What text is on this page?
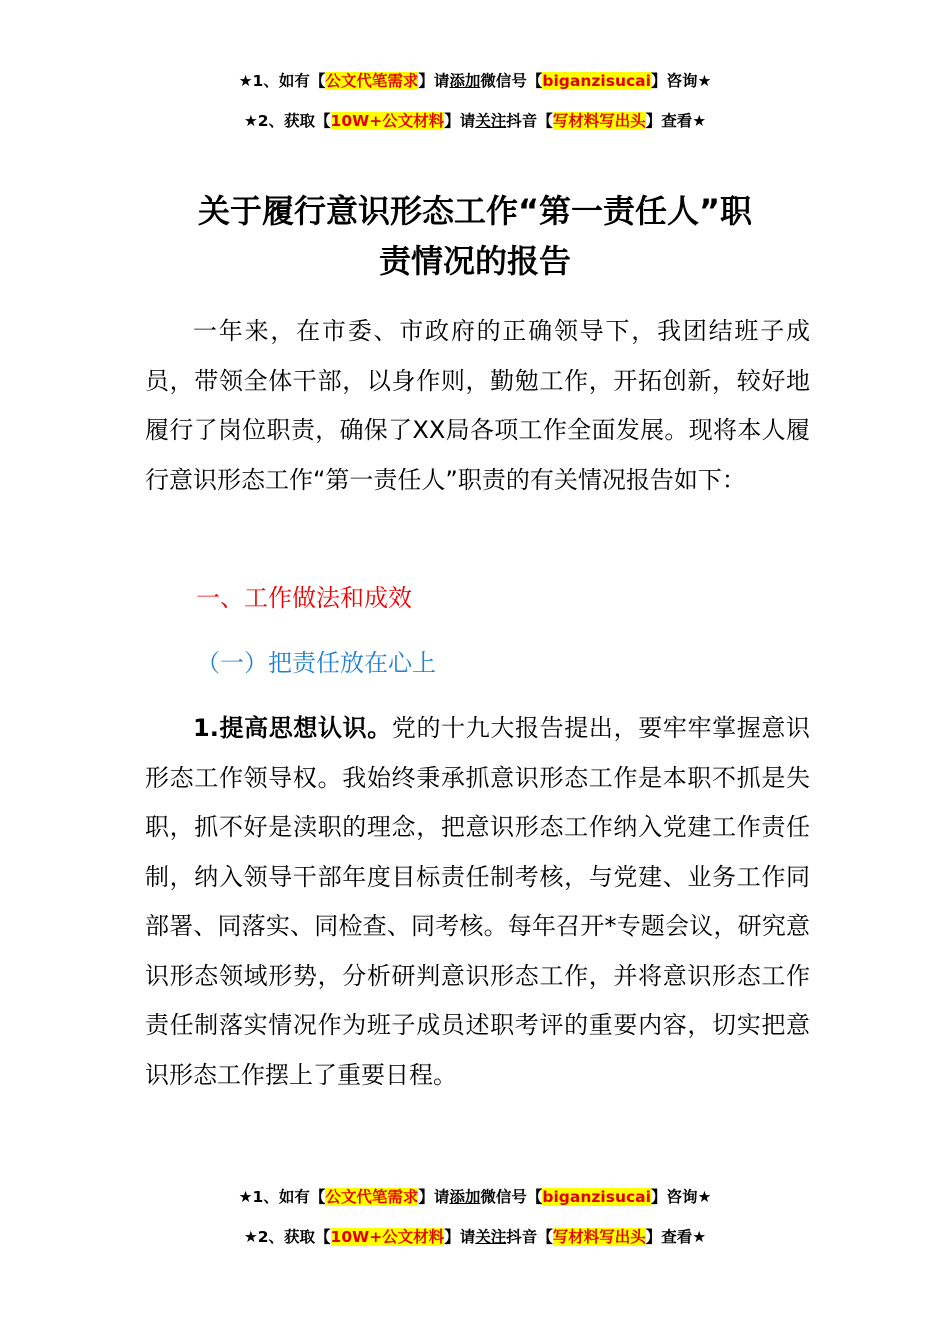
★1、如有【公文代笔需求】请添加微信号【biganzisucai】咨询★
★2、获取【10W+公文材料】请关注抖音【写材料写出头】查看★
关于履行意识形态工作“第一责任人”职
责情况的报告

一年来，在市委、市政府的正确领导下，我团结班子成员，带领全体干部，以身作则，勤勉工作，开拓创新，较好地履行了岗位职责，确保了XX局各项工作全面发展。现将本人履行意识形态工作“第一责任人”职责的有关情况报告如下：

一、工作做法和成效
（一）把责任放在心上

1.提高思想认识。党的十九大报告提出，要牢牢掌握意识形态工作领导权。我始终秉承抓意识形态工作是本职不抓是失职，抓不好是渎职的理念，把意识形态工作纳入党建工作责任制，纳入领导干部年度目标责任制考核，与党建、业务工作同部署、同落实、同检查、同考核。每年召开*专题会议，研究意识形态领域形势，分析研判意识形态工作，并将意识形态工作责任制落实情况作为班子成员述职考评的重要内容，切实把意识形态工作摆上了重要日程。

★1、如有【公文代笔需求】请添加微信号【biganzisucai】咨询★
★2、获取【10W+公文材料】请关注抖音【写材料写出头】查看★
